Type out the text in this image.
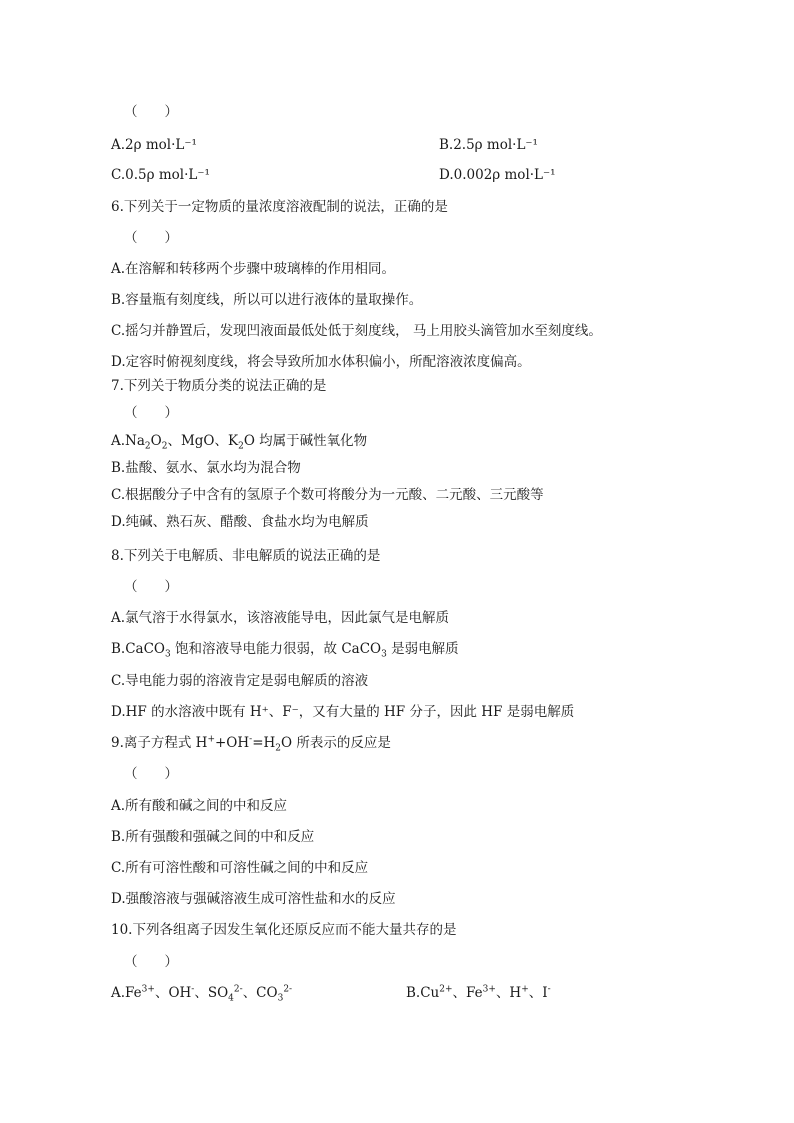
（　　）
A.2ρ mol·L⁻¹	B.2.5ρ mol·L⁻¹
C.0.5ρ mol·L⁻¹	D.0.002ρ mol·L⁻¹
6.下列关于一定物质的量浓度溶液配制的说法，正确的是
（　　）
A.在溶解和转移两个步骤中玻璃棒的作用相同。
B.容量瓶有刻度线，所以可以进行液体的量取操作。
C.摇匀并静置后，发现凹液面最低处低于刻度线， 马上用胶头滴管加水至刻度线。
D.定容时俯视刻度线，将会导致所加水体积偏小，所配溶液浓度偏高。
7.下列关于物质分类的说法正确的是
（　　）
$A.Na_2O_2$、MgO、$K_2O$ 均属于碱性氧化物
B.盐酸、氨水、氯水均为混合物
C.根据酸分子中含有的氢原子个数可将酸分为一元酸、二元酸、三元酸等
D.纯碱、熟石灰、醋酸、食盐水均为电解质
8.下列关于电解质、非电解质的说法正确的是
（　　）
A.氯气溶于水得氯水，该溶液能导电，因此氯气是电解质
B.CaCO$_3$ 饱和溶液导电能力很弱，故 CaCO$_3$ 是弱电解质
C.导电能力弱的溶液肯定是弱电解质的溶液
D.HF 的水溶液中既有 H⁺、F⁻，又有大量的 HF 分子，因此 HF 是弱电解质
9.离子方程式 $H^++OH^-=H_2O$ 所表示的反应是
（　　）
A.所有酸和碱之间的中和反应
B.所有强酸和强碱之间的中和反应
C.所有可溶性酸和可溶性碱之间的中和反应
D.强酸溶液与强碱溶液生成可溶性盐和水的反应
10.下列各组离子因发生氧化还原反应而不能大量共存的是
（　　）
$A.Fe^{3+}$、OH-、$SO_4^{2-}$、$CO_3^{2-}$	$B.Cu^{2+}$、$Fe^{3+}$、H+、I-
